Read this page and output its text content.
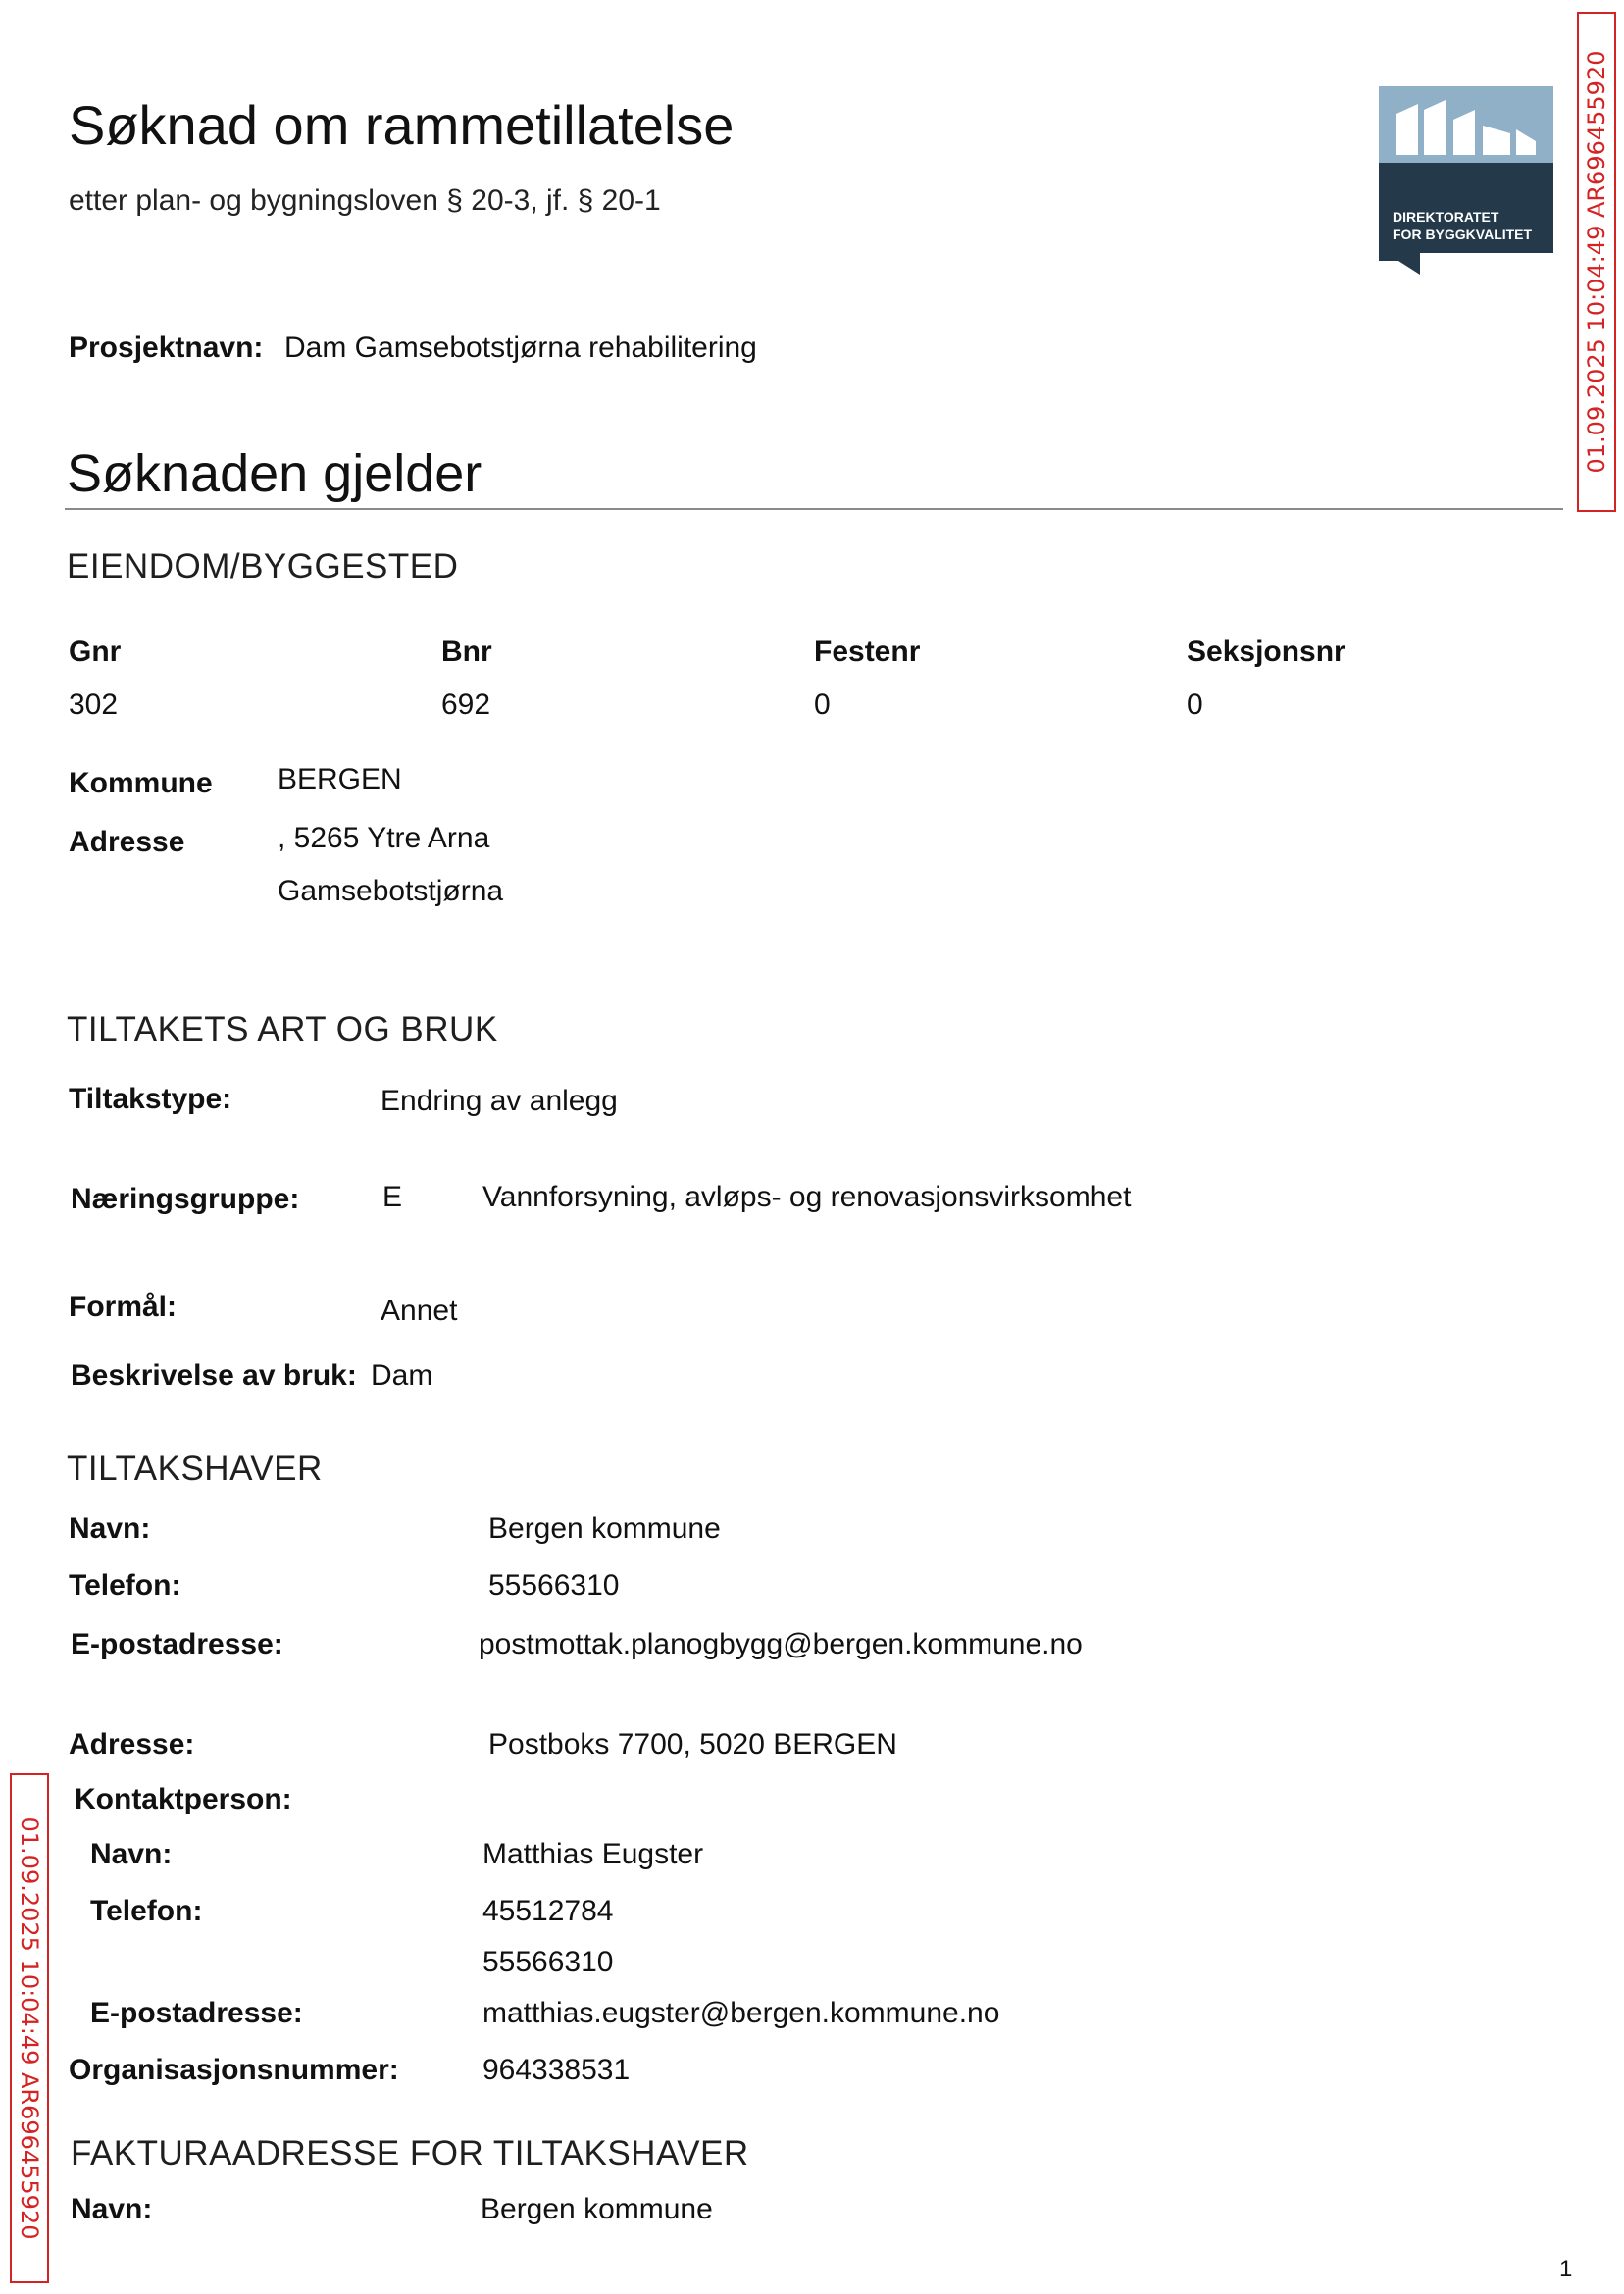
Søknad om rammetillatelse
etter plan- og bygningsloven § 20-3, jf. § 20-1	DIREKTORATET
FOR BYGGKVALITET 01.09.2025 10:04:49 AR696455920
01.09.2025 10:04:49 AR696455920
Prosjektnavn: Dam Gamsebotstjørna rehabilitering
Søknaden gjelder
EIENDOM/BYGGESTED
Gnr	Bnr	Festenr	Seksjonsnr
302	692	0	0
Kommune BERGEN
Adresse	, 5265 Ytre Arna
Gamsebotstjørna
TILTAKETS ART OG BRUK
Tiltakstype:	Endring av anlegg
Næringsgruppe:	E	Vannforsyning, avløps- og renovasjonsvirksomhet
Formål:	Annet
Beskrivelse av bruk: Dam
TILTAKSHAVER
Navn:	Bergen kommune
Telefon:	55566310
E-postadresse:	postmottak.planogbygg@bergen.kommune.no
Adresse:	Postboks 7700, 5020 BERGEN
Kontaktperson:
Navn:	Matthias Eugster
Telefon:	45512784
55566310
E-postadresse:	matthias.eugster@bergen.kommune.no
Organisasjonsnummer:	964338531
FAKTURAADRESSE FOR TILTAKSHAVER
Navn:	Bergen kommune
1
